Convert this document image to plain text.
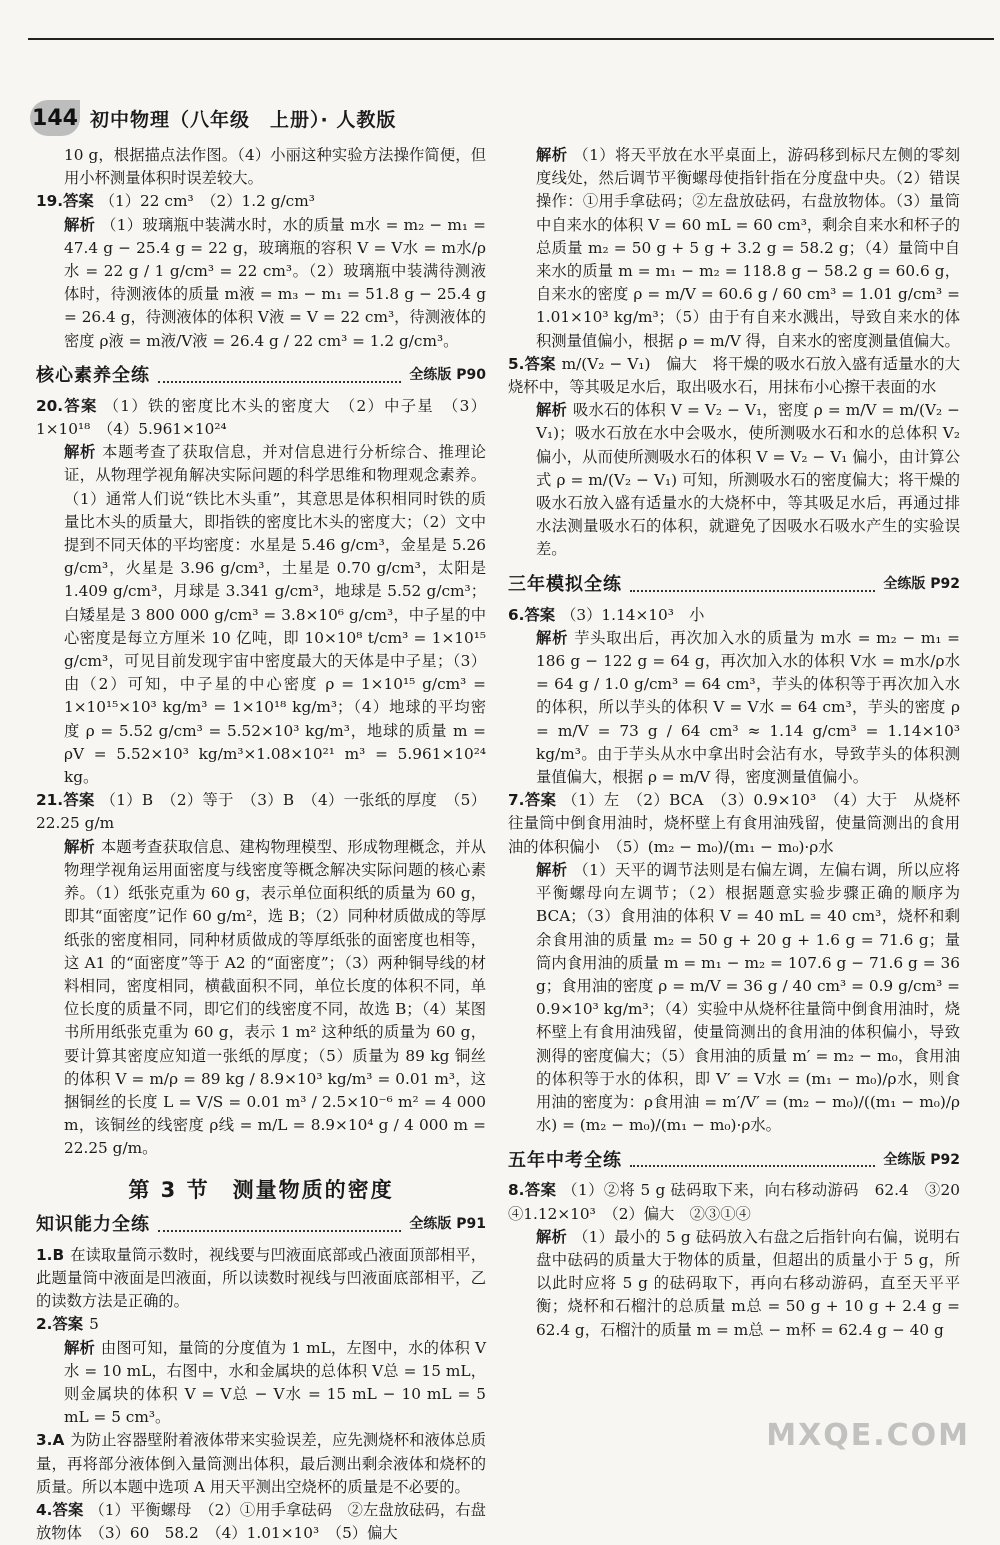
144 初中物理（八年级　上册）· 人教版

10 g，根据描点法作图。（4）小丽这种实验方法操作简便，但用小杯测量体积时误差较大。

19.答案 （1）22 cm³　（2）1.2 g/cm³

解析 （1）玻璃瓶中装满水时，水的质量 m水 = m₂ − m₁ = 47.4 g − 25.4 g = 22 g，玻璃瓶的容积 V = V水 = m水/ρ水 = 22 g / 1 g/cm³ = 22 cm³。（2）玻璃瓶中装满待测液体时，待测液体的质量 m液 = m₃ − m₁ = 51.8 g − 25.4 g = 26.4 g，待测液体的体积 V液 = V = 22 cm³，待测液体的密度 ρ液 = m液/V液 = 26.4 g / 22 cm³ = 1.2 g/cm³。

核心素养全练	全练版 P90

20.答案 （1）铁的密度比木头的密度大　（2）中子星　（3）1×10¹⁸　（4）5.961×10²⁴

解析 本题考查了获取信息，并对信息进行分析综合、推理论证，从物理学视角解决实际问题的科学思维和物理观念素养。（1）通常人们说“铁比木头重”，其意思是体积相同时铁的质量比木头的质量大，即指铁的密度比木头的密度大；（2）文中提到不同天体的平均密度：水星是 5.46 g/cm³，金星是 5.26 g/cm³，火星是 3.96 g/cm³，土星是 0.70 g/cm³，太阳是 1.409 g/cm³，月球是 3.341 g/cm³，地球是 5.52 g/cm³；白矮星是 3 800 000 g/cm³ = 3.8×10⁶ g/cm³，中子星的中心密度是每立方厘米 10 亿吨，即 10×10⁸ t/cm³ = 1×10¹⁵ g/cm³，可见目前发现宇宙中密度最大的天体是中子星；（3）由（2）可知，中子星的中心密度 ρ = 1×10¹⁵ g/cm³ = 1×10¹⁵×10³ kg/m³ = 1×10¹⁸ kg/m³；（4）地球的平均密度 ρ = 5.52 g/cm³ = 5.52×10³ kg/m³，地球的质量 m = ρV = 5.52×10³ kg/m³×1.08×10²¹ m³ = 5.961×10²⁴ kg。

21.答案 （1）B　（2）等于　（3）B　（4）一张纸的厚度　（5）22.25 g/m

解析 本题考查获取信息、建构物理模型、形成物理概念，并从物理学视角运用面密度与线密度等概念解决实际问题的核心素养。（1）纸张克重为 60 g，表示单位面积纸的质量为 60 g，即其“面密度”记作 60 g/m²，选 B；（2）同种材质做成的等厚纸张的密度相同，同种材质做成的等厚纸张的面密度也相等，这 A1 的“面密度”等于 A2 的“面密度”；（3）两种铜导线的材料相同，密度相同，横截面积不同，单位长度的体积不同，单位长度的质量不同，即它们的线密度不同，故选 B；（4）某图书所用纸张克重为 60 g，表示 1 m² 这种纸的质量为 60 g，要计算其密度应知道一张纸的厚度；（5）质量为 89 kg 铜丝的体积 V = m/ρ = 89 kg / 8.9×10³ kg/m³ = 0.01 m³，这捆铜丝的长度 L = V/S = 0.01 m³ / 2.5×10⁻⁶ m² = 4 000 m，该铜丝的线密度 ρ线 = m/L = 8.9×10⁴ g / 4 000 m = 22.25 g/m。

第 3 节　测量物质的密度
知识能力全练	全练版 P91

1.B 在读取量筒示数时，视线要与凹液面底部或凸液面顶部相平，此题量筒中液面是凹液面，所以读数时视线与凹液面底部相平，乙的读数方法是正确的。

2.答案 5

解析 由图可知，量筒的分度值为 1 mL，左图中，水的体积 V水 = 10 mL，右图中，水和金属块的总体积 V总 = 15 mL，则金属块的体积 V = V总 − V水 = 15 mL − 10 mL = 5 mL = 5 cm³。

3.A 为防止容器壁附着液体带来实验误差，应先测烧杯和液体总质量，再将部分液体倒入量筒测出体积，最后测出剩余液体和烧杯的质量。所以本题中选项 A 用天平测出空烧杯的质量是不必要的。

4.答案 （1）平衡螺母　（2）①用手拿砝码　②左盘放砝码，右盘放物体　（3）60　58.2　（4）1.01×10³　（5）偏大

解析 （1）将天平放在水平桌面上，游码移到标尺左侧的零刻度线处，然后调节平衡螺母使指针指在分度盘中央。（2）错误操作：①用手拿砝码；②左盘放砝码，右盘放物体。（3）量筒中自来水的体积 V = 60 mL = 60 cm³，剩余自来水和杯子的总质量 m₂ = 50 g + 5 g + 3.2 g = 58.2 g；（4）量筒中自来水的质量 m = m₁ − m₂ = 118.8 g − 58.2 g = 60.6 g，自来水的密度 ρ = m/V = 60.6 g / 60 cm³ = 1.01 g/cm³ = 1.01×10³ kg/m³；（5）由于有自来水溅出，导致自来水的体积测量值偏小，根据 ρ = m/V 得，自来水的密度测量值偏大。

5.答案 m/(V₂ − V₁)　偏大　将干燥的吸水石放入盛有适量水的大烧杯中，等其吸足水后，取出吸水石，用抹布小心擦干表面的水

解析 吸水石的体积 V = V₂ − V₁，密度 ρ = m/V = m/(V₂ − V₁)；吸水石放在水中会吸水，使所测吸水石和水的总体积 V₂ 偏小，从而使所测吸水石的体积 V = V₂ − V₁ 偏小，由计算公式 ρ = m/(V₂ − V₁) 可知，所测吸水石的密度偏大；将干燥的吸水石放入盛有适量水的大烧杯中，等其吸足水后，再通过排水法测量吸水石的体积，就避免了因吸水石吸水产生的实验误差。

三年模拟全练	全练版 P92

6.答案 （3）1.14×10³　小

解析 芋头取出后，再次加入水的质量为 m水 = m₂ − m₁ = 186 g − 122 g = 64 g，再次加入水的体积 V水 = m水/ρ水 = 64 g / 1.0 g/cm³ = 64 cm³，芋头的体积等于再次加入水的体积，所以芋头的体积 V = V水 = 64 cm³，芋头的密度 ρ = m/V = 73 g / 64 cm³ ≈ 1.14 g/cm³ = 1.14×10³ kg/m³。由于芋头从水中拿出时会沾有水，导致芋头的体积测量值偏大，根据 ρ = m/V 得，密度测量值偏小。

7.答案 （1）左　（2）BCA　（3）0.9×10³　（4）大于　从烧杯往量筒中倒食用油时，烧杯壁上有食用油残留，使量筒测出的食用油的体积偏小　（5）(m₂ − m₀)/(m₁ − m₀)·ρ水

解析 （1）天平的调节法则是右偏左调，左偏右调，所以应将平衡螺母向左调节；（2）根据题意实验步骤正确的顺序为 BCA；（3）食用油的体积 V = 40 mL = 40 cm³，烧杯和剩余食用油的质量 m₂ = 50 g + 20 g + 1.6 g = 71.6 g；量筒内食用油的质量 m = m₁ − m₂ = 107.6 g − 71.6 g = 36 g；食用油的密度 ρ = m/V = 36 g / 40 cm³ = 0.9 g/cm³ = 0.9×10³ kg/m³；（4）实验中从烧杯往量筒中倒食用油时，烧杯壁上有食用油残留，使量筒测出的食用油的体积偏小，导致测得的密度偏大；（5）食用油的质量 m′ = m₂ − m₀，食用油的体积等于水的体积，即 V′ = V水 = (m₁ − m₀)/ρ水，则食用油的密度为：ρ食用油 = m′/V′ = (m₂ − m₀)/((m₁ − m₀)/ρ水) = (m₂ − m₀)/(m₁ − m₀)·ρ水。

五年中考全练	全练版 P92

8.答案 （1）②将 5 g 砝码取下来，向右移动游码　62.4　③20　④1.12×10³　（2）偏大　②③①④

解析 （1）最小的 5 g 砝码放入右盘之后指针向右偏，说明右盘中砝码的质量大于物体的质量，但超出的质量小于 5 g，所以此时应将 5 g 的砝码取下，再向右移动游码，直至天平平衡；烧杯和石榴汁的总质量 m总 = 50 g + 10 g + 2.4 g = 62.4 g，石榴汁的质量 m = m总 − m杯 = 62.4 g − 40 g

MXQE.COM
